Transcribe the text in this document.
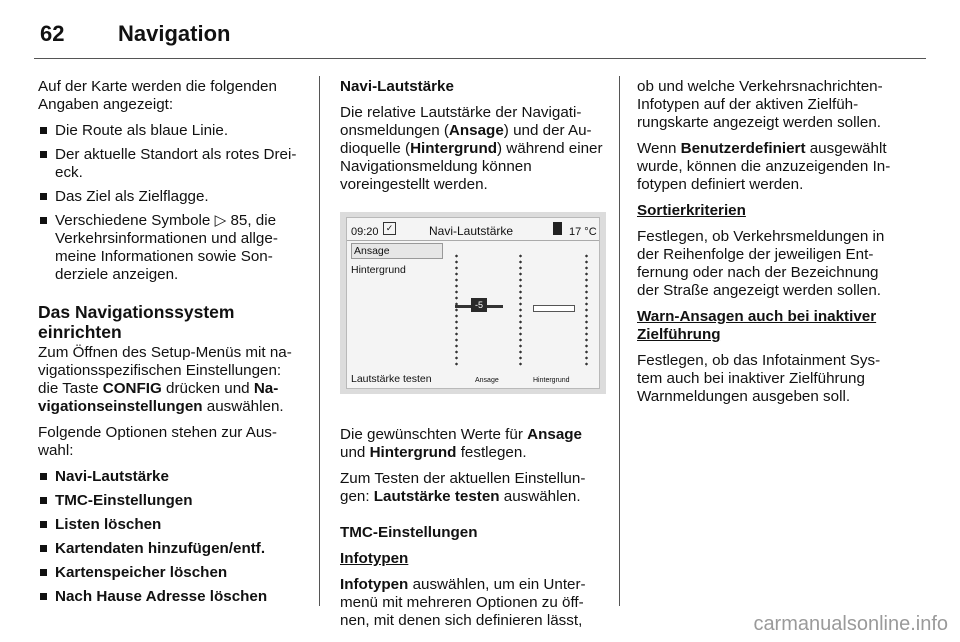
62	Navigation

Auf der Karte werden die folgenden Angaben angezeigt:

Die Route als blaue Linie.
Der aktuelle Standort als rotes Drei-eck.
Das Ziel als Zielflagge.
Verschiedene Symbole ▷ 85, die Verkehrsinformationen und allge-meine Informationen sowie Son-derziele anzeigen.
Das Navigationssystem einrichten

Zum Öffnen des Setup-Menüs mit na-vigationsspezifischen Einstellungen: die Taste CONFIG drücken und Na-vigationseinstellungen auswählen.

Folgende Optionen stehen zur Aus-wahl:

Navi-Lautstärke
TMC-Einstellungen
Listen löschen
Kartendaten hinzufügen/entf.
Kartenspeicher löschen
Nach Hause Adresse löschen

Navi-Lautstärke

Die relative Lautstärke der Navigati-onsmeldungen (Ansage) und der Au-dioquelle (Hintergrund) während einer Navigationsmeldung können voreingestellt werden.

09:20 ✓	Navi-Lautstärke	17 °C
Ansage
Hintergrund
Lautstärke testen
-5
Ansage	Hintergrund

Die gewünschten Werte für Ansage und Hintergrund festlegen.

Zum Testen der aktuellen Einstellun-gen: Lautstärke testen auswählen.

TMC-Einstellungen

Infotypen

Infotypen auswählen, um ein Unter-menü mit mehreren Optionen zu öff-nen, mit denen sich definieren lässt,

ob und welche Verkehrsnachrichten-Infotypen auf der aktiven Zielfüh-rungskarte angezeigt werden sollen.

Wenn Benutzerdefiniert ausgewählt wurde, können die anzuzeigenden In-fotypen definiert werden.

Sortierkriterien

Festlegen, ob Verkehrsmeldungen in der Reihenfolge der jeweiligen Ent-fernung oder nach der Bezeichnung der Straße angezeigt werden sollen.

Warn-Ansagen auch bei inaktiver Zielführung

Festlegen, ob das Infotainment Sys-tem auch bei inaktiver Zielführung Warnmeldungen ausgeben soll.

carmanualsonline.info
